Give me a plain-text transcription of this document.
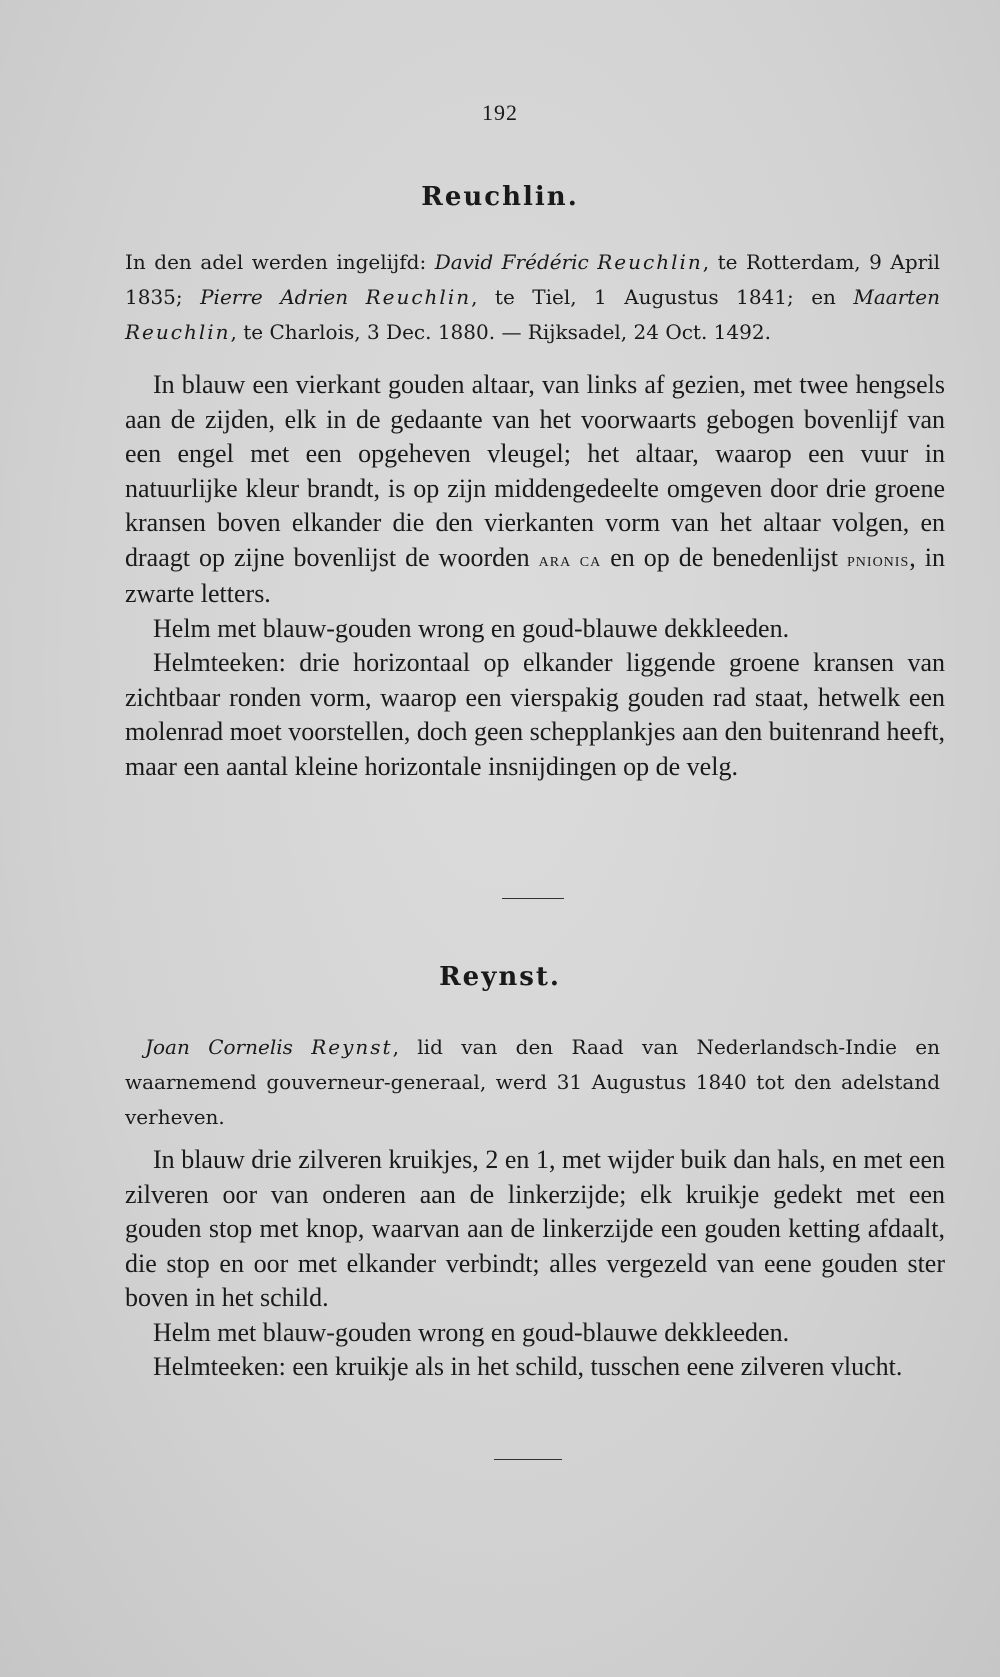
192
Reuchlin.
In den adel werden ingelijfd: David Frédéric Reuchlin, te Rotterdam, 9 April 1835; Pierre Adrien Reuchlin, te Tiel, 1 Augustus 1841; en Maarten Reuchlin, te Charlois, 3 Dec. 1880. — Rijksadel, 24 Oct. 1492.

In blauw een vierkant gouden altaar, van links af gezien, met twee hengsels aan de zijden, elk in de gedaante van het voorwaarts gebogen bovenlijf van een engel met een opgeheven vleugel; het altaar, waarop een vuur in natuurlijke kleur brandt, is op zijn middengedeelte omgeven door drie groene kransen boven elkander die den vierkanten vorm van het altaar volgen, en draagt op zijne bovenlijst de woorden ara ca en op de benedenlijst pnionis, in zwarte letters.

Helm met blauw-gouden wrong en goud-blauwe dekkleeden.

Helmteeken: drie horizontaal op elkander liggende groene kransen van zichtbaar ronden vorm, waarop een vierspakig gouden rad staat, hetwelk een molenrad moet voorstellen, doch geen schepplankjes aan den buitenrand heeft, maar een aantal kleine horizontale insnijdingen op de velg.

Reynst.
Joan Cornelis Reynst, lid van den Raad van Nederlandsch-Indie en waarnemend gouverneur-generaal, werd 31 Augustus 1840 tot den adelstand verheven.

In blauw drie zilveren kruikjes, 2 en 1, met wijder buik dan hals, en met een zilveren oor van onderen aan de linkerzijde; elk kruikje gedekt met een gouden stop met knop, waarvan aan de linkerzijde een gouden ketting afdaalt, die stop en oor met elkander verbindt; alles vergezeld van eene gouden ster boven in het schild.

Helm met blauw-gouden wrong en goud-blauwe dekkleeden.

Helmteeken: een kruikje als in het schild, tusschen eene zilveren vlucht.
